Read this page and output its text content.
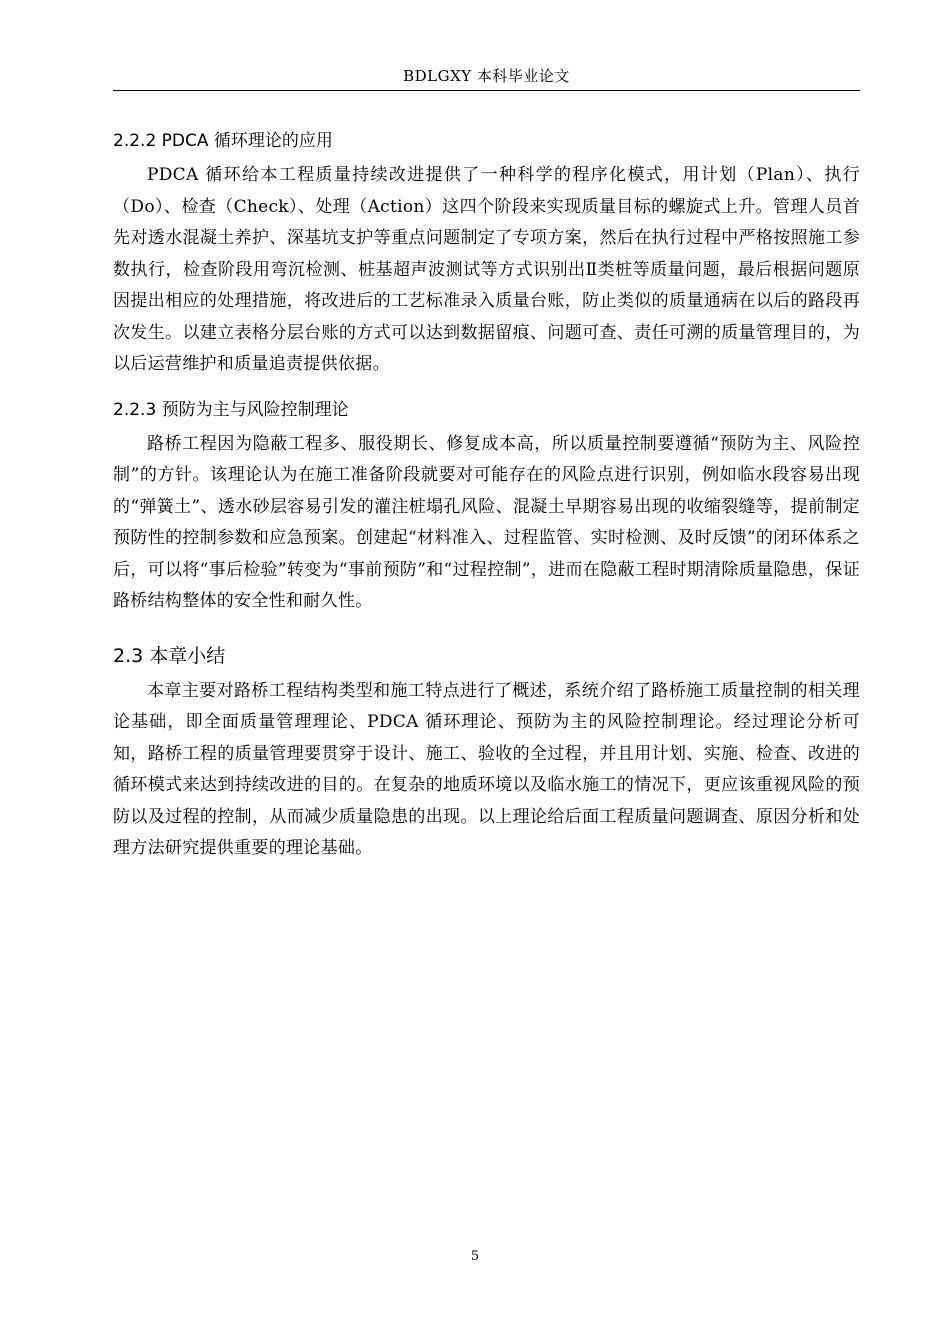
BDLGXY 本科毕业论文
2.2.2 PDCA 循环理论的应用

PDCA 循环给本工程质量持续改进提供了一种科学的程序化模式，用计划（Plan）、执行（Do）、检查（Check）、处理（Action）这四个阶段来实现质量目标的螺旋式上升。管理人员首先对透水混凝土养护、深基坑支护等重点问题制定了专项方案，然后在执行过程中严格按照施工参数执行，检查阶段用弯沉检测、桩基超声波测试等方式识别出Ⅱ类桩等质量问题，最后根据问题原因提出相应的处理措施，将改进后的工艺标准录入质量台账，防止类似的质量通病在以后的路段再次发生。以建立表格分层台账的方式可以达到数据留痕、问题可查、责任可溯的质量管理目的，为以后运营维护和质量追责提供依据。

2.2.3 预防为主与风险控制理论

路桥工程因为隐蔽工程多、服役期长、修复成本高，所以质量控制要遵循“预防为主、风险控制”的方针。该理论认为在施工准备阶段就要对可能存在的风险点进行识别，例如临水段容易出现的“弹簧土”、透水砂层容易引发的灌注桩塌孔风险、混凝土早期容易出现的收缩裂缝等，提前制定预防性的控制参数和应急预案。创建起“材料准入、过程监管、实时检测、及时反馈”的闭环体系之后，可以将“事后检验”转变为“事前预防”和“过程控制”，进而在隐蔽工程时期清除质量隐患，保证路桥结构整体的安全性和耐久性。

2.3 本章小结

本章主要对路桥工程结构类型和施工特点进行了概述，系统介绍了路桥施工质量控制的相关理论基础，即全面质量管理理论、PDCA 循环理论、预防为主的风险控制理论。经过理论分析可知，路桥工程的质量管理要贯穿于设计、施工、验收的全过程，并且用计划、实施、检查、改进的循环模式来达到持续改进的目的。在复杂的地质环境以及临水施工的情况下，更应该重视风险的预防以及过程的控制，从而减少质量隐患的出现。以上理论给后面工程质量问题调查、原因分析和处理方法研究提供重要的理论基础。

5
